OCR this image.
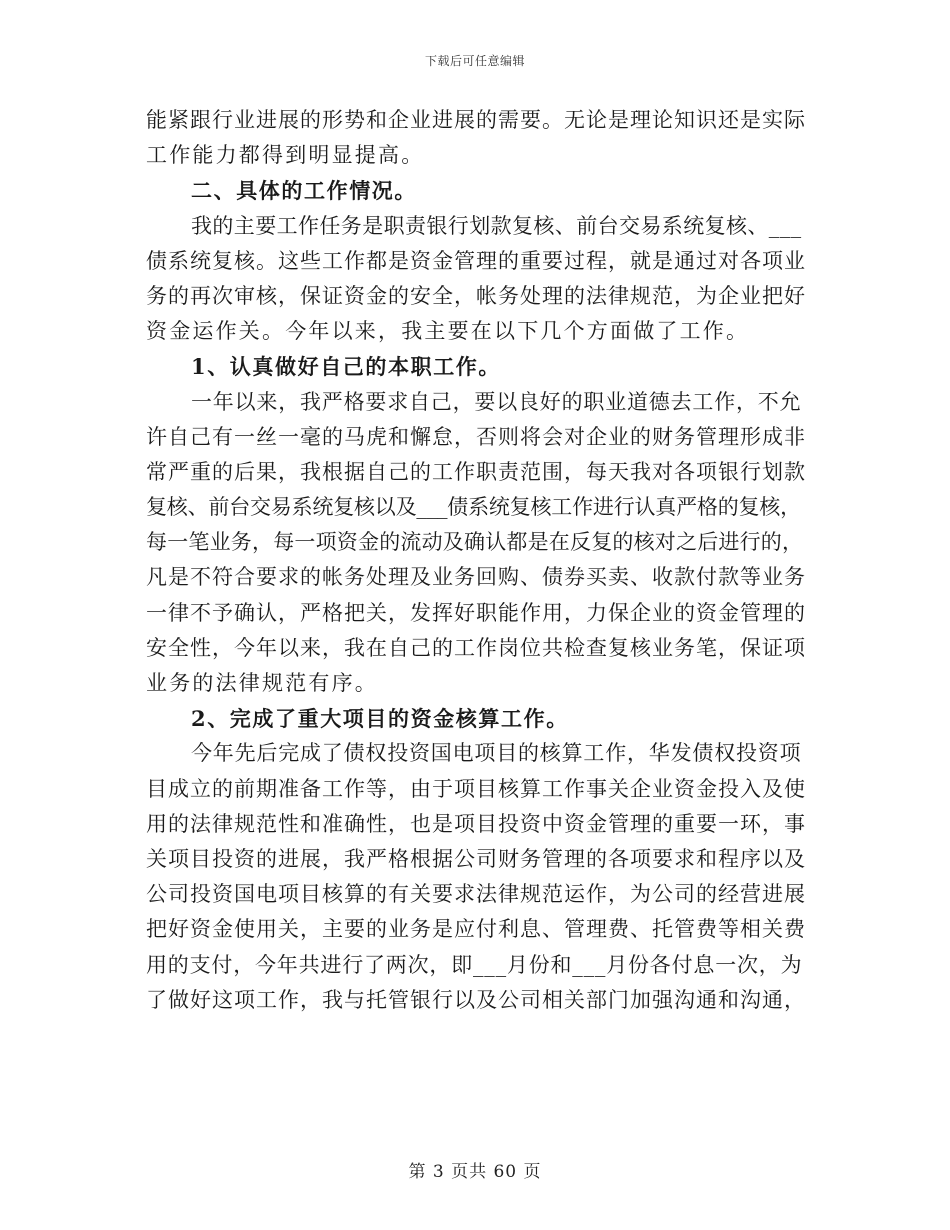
下载后可任意编辑
能紧跟行业进展的形势和企业进展的需要。无论是理论知识还是实际
工作能力都得到明显提高。
二、具体的工作情况。
我的主要工作任务是职责银行划款复核、前台交易系统复核、___
债系统复核。这些工作都是资金管理的重要过程，就是通过对各项业
务的再次审核，保证资金的安全，帐务处理的法律规范，为企业把好
资金运作关。今年以来，我主要在以下几个方面做了工作。
1、认真做好自己的本职工作。
一年以来，我严格要求自己，要以良好的职业道德去工作，不允
许自己有一丝一毫的马虎和懈怠，否则将会对企业的财务管理形成非
常严重的后果，我根据自己的工作职责范围，每天我对各项银行划款
复核、前台交易系统复核以及___债系统复核工作进行认真严格的复核，
每一笔业务，每一项资金的流动及确认都是在反复的核对之后进行的，
凡是不符合要求的帐务处理及业务回购、债券买卖、收款付款等业务
一律不予确认，严格把关，发挥好职能作用，力保企业的资金管理的
安全性，今年以来，我在自己的工作岗位共检查复核业务笔，保证项
业务的法律规范有序。
2、完成了重大项目的资金核算工作。
今年先后完成了债权投资国电项目的核算工作，华发债权投资项
目成立的前期准备工作等，由于项目核算工作事关企业资金投入及使
用的法律规范性和准确性，也是项目投资中资金管理的重要一环，事
关项目投资的进展，我严格根据公司财务管理的各项要求和程序以及
公司投资国电项目核算的有关要求法律规范运作，为公司的经营进展
把好资金使用关，主要的业务是应付利息、管理费、托管费等相关费
用的支付，今年共进行了两次，即___月份和___月份各付息一次，为
了做好这项工作，我与托管银行以及公司相关部门加强沟通和沟通，
第 3 页共 60 页
